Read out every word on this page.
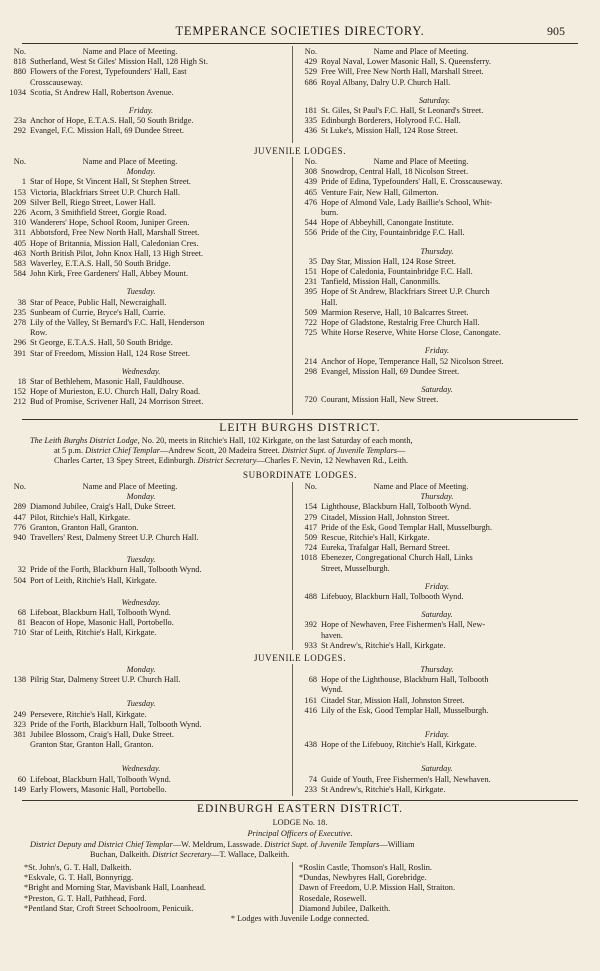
TEMPERANCE SOCIETIES DIRECTORY.	905
No.	Name and Place of Meeting.
818 Sutherland, West St Giles' Mission Hall, 128 High St.
880 Flowers of the Forest, Typefounders' Hall, East
Crosscauseway.
1034 Scotia, St Andrew Hall, Robertson Avenue.
Friday.
23a Anchor of Hope, E.T.A.S. Hall, 50 South Bridge.
292 Evangel, F.C. Mission Hall, 69 Dundee Street.
No.	Name and Place of Meeting.
429 Royal Naval, Lower Masonic Hall, S. Queensferry.
529 Free Will, Free New North Hall, Marshall Street.
686 Royal Albany, Dalry U.P. Church Hall.
Saturday.
181 St. Giles, St Paul's F.C. Hall, St Leonard's Street.
335 Edinburgh Borderers, Holyrood F.C. Hall.
436 St Luke's, Mission Hall, 124 Rose Street.
JUVENILE LODGES.
No.	Name and Place of Meeting.
Monday.
1 Star of Hope, St Vincent Hall, St Stephen Street.
153 Victoria, Blackfriars Street U.P. Church Hall.
209 Silver Bell, Riego Street, Lower Hall.
226 Acorn, 3 Smithfield Street, Gorgie Road.
310 Wanderers' Hope, School Room, Juniper Green.
311 Abbotsford, Free New North Hall, Marshall Street.
405 Hope of Britannia, Mission Hall, Caledonian Cres.
463 North British Pilot, John Knox Hall, 13 High Street.
583 Waverley, E.T.A.S. Hall, 50 South Bridge.
584 John Kirk, Free Gardeners' Hall, Abbey Mount.
Tuesday.
38 Star of Peace, Public Hall, Newcraighall.
235 Sunbeam of Currie, Bryce's Hall, Currie.
278 Lily of the Valley, St Bernard's F.C. Hall, Henderson
Row.
296 St George, E.T.A.S. Hall, 50 South Bridge.
391 Star of Freedom, Mission Hall, 124 Rose Street.
Wednesday.
18 Star of Bethlehem, Masonic Hall, Fauldhouse.
152 Hope of Murieston, E.U. Church Hall, Dalry Road.
212 Bud of Promise, Scrivener Hall, 24 Morrison Street.
No.	Name and Place of Meeting.
308 Snowdrop, Central Hall, 18 Nicolson Street.
439 Pride of Edina, Typefounders' Hall, E. Crosscauseway.
465 Venture Fair, New Hall, Gilmerton.
476 Hope of Almond Vale, Lady Baillie's School, Whit-
burn.
544 Hope of Abbeyhill, Canongate Institute.
556 Pride of the City, Fountainbridge F.C. Hall.
Thursday.
35 Day Star, Mission Hall, 124 Rose Street.
151 Hope of Caledonia, Fountainbridge F.C. Hall.
231 Tanfield, Mission Hall, Canonmills.
395 Hope of St Andrew, Blackfriars Street U.P. Church
Hall.
509 Marmion Reserve, Hall, 10 Balcarres Street.
722 Hope of Gladstone, Restalrig Free Church Hall.
725 White Horse Reserve, White Horse Close, Canongate.
Friday.
214 Anchor of Hope, Temperance Hall, 52 Nicolson Street.
298 Evangel, Mission Hall, 69 Dundee Street.
Saturday.
720 Courant, Mission Hall, New Street.
LEITH BURGHS DISTRICT.
The Leith Burghs District Lodge, No. 20, meets in Ritchie's Hall, 102 Kirkgate, on the last Saturday of each month,
at 5 p.m. District Chief Templar—Andrew Scott, 20 Madeira Street. District Supt. of Juvenile Templars—
Charles Carter, 13 Spey Street, Edinburgh. District Secretary—Charles F. Nevin, 12 Newhaven Rd., Leith.
SUBORDINATE LODGES.
No.	Name and Place of Meeting.
Monday.
289 Diamond Jubilee, Craig's Hall, Duke Street.
447 Pilot, Ritchie's Hall, Kirkgate.
776 Granton, Granton Hall, Granton.
940 Travellers' Rest, Dalmeny Street U.P. Church Hall.
Tuesday.
32 Pride of the Forth, Blackburn Hall, Tolbooth Wynd.
504 Port of Leith, Ritchie's Hall, Kirkgate.
Wednesday.
68 Lifeboat, Blackburn Hall, Tolbooth Wynd.
81 Beacon of Hope, Masonic Hall, Portobello.
710 Star of Leith, Ritchie's Hall, Kirkgate.
No.	Name and Place of Meeting.
Thursday.
154 Lighthouse, Blackburn Hall, Tolbooth Wynd.
279 Citadel, Mission Hall, Johnston Street.
417 Pride of the Esk, Good Templar Hall, Musselburgh.
509 Rescue, Ritchie's Hall, Kirkgate.
724 Eureka, Trafalgar Hall, Bernard Street.
1018 Ebenezer, Congregational Church Hall, Links
Street, Musselburgh.
Friday.
488 Lifebuoy, Blackburn Hall, Tolbooth Wynd.
Saturday.
392 Hope of Newhaven, Free Fishermen's Hall, New-
haven.
933 St Andrew's, Ritchie's Hall, Kirkgate.
JUVENILE LODGES.
Monday.
138 Pilrig Star, Dalmeny Street U.P. Church Hall.
Tuesday.
249 Persevere, Ritchie's Hall, Kirkgate.
323 Pride of the Forth, Blackburn Hall, Tolbooth Wynd.
381 Jubilee Blossom, Craig's Hall, Duke Street.
Granton Star, Granton Hall, Granton.
Wednesday.
60 Lifeboat, Blackburn Hall, Tolbooth Wynd.
149 Early Flowers, Masonic Hall, Portobello.
Thursday.
68 Hope of the Lighthouse, Blackburn Hall, Tolbooth
Wynd.
161 Citadel Star, Mission Hall, Johnston Street.
416 Lily of the Esk, Good Templar Hall, Musselburgh.
Friday.
438 Hope of the Lifebuoy, Ritchie's Hall, Kirkgate.
Saturday.
74 Guide of Youth, Free Fishermen's Hall, Newhaven.
233 St Andrew's, Ritchie's Hall, Kirkgate.
EDINBURGH EASTERN DISTRICT.
LODGE No. 18.
Principal Officers of Executive.
District Deputy and District Chief Templar—W. Meldrum, Lasswade. District Supt. of Juvenile Templars—William
Buchan, Dalkeith. District Secretary—T. Wallace, Dalkeith.
*St. John's, G. T. Hall, Dalkeith.
*Eskvale, G. T. Hall, Bonnyrigg.
*Bright and Morning Star, Mavisbank Hall, Loanhead.
*Preston, G. T. Hall, Pathhead, Ford.
*Pentland Star, Croft Street Schoolroom, Penicuik.
*Roslin Castle, Thomson's Hall, Roslin.
*Dundas, Newbyres Hall, Gorebridge.
Dawn of Freedom, U.P. Mission Hall, Straiton.
Rosedale, Rosewell.
Diamond Jubilee, Dalkeith.
* Lodges with Juvenile Lodge connected.
